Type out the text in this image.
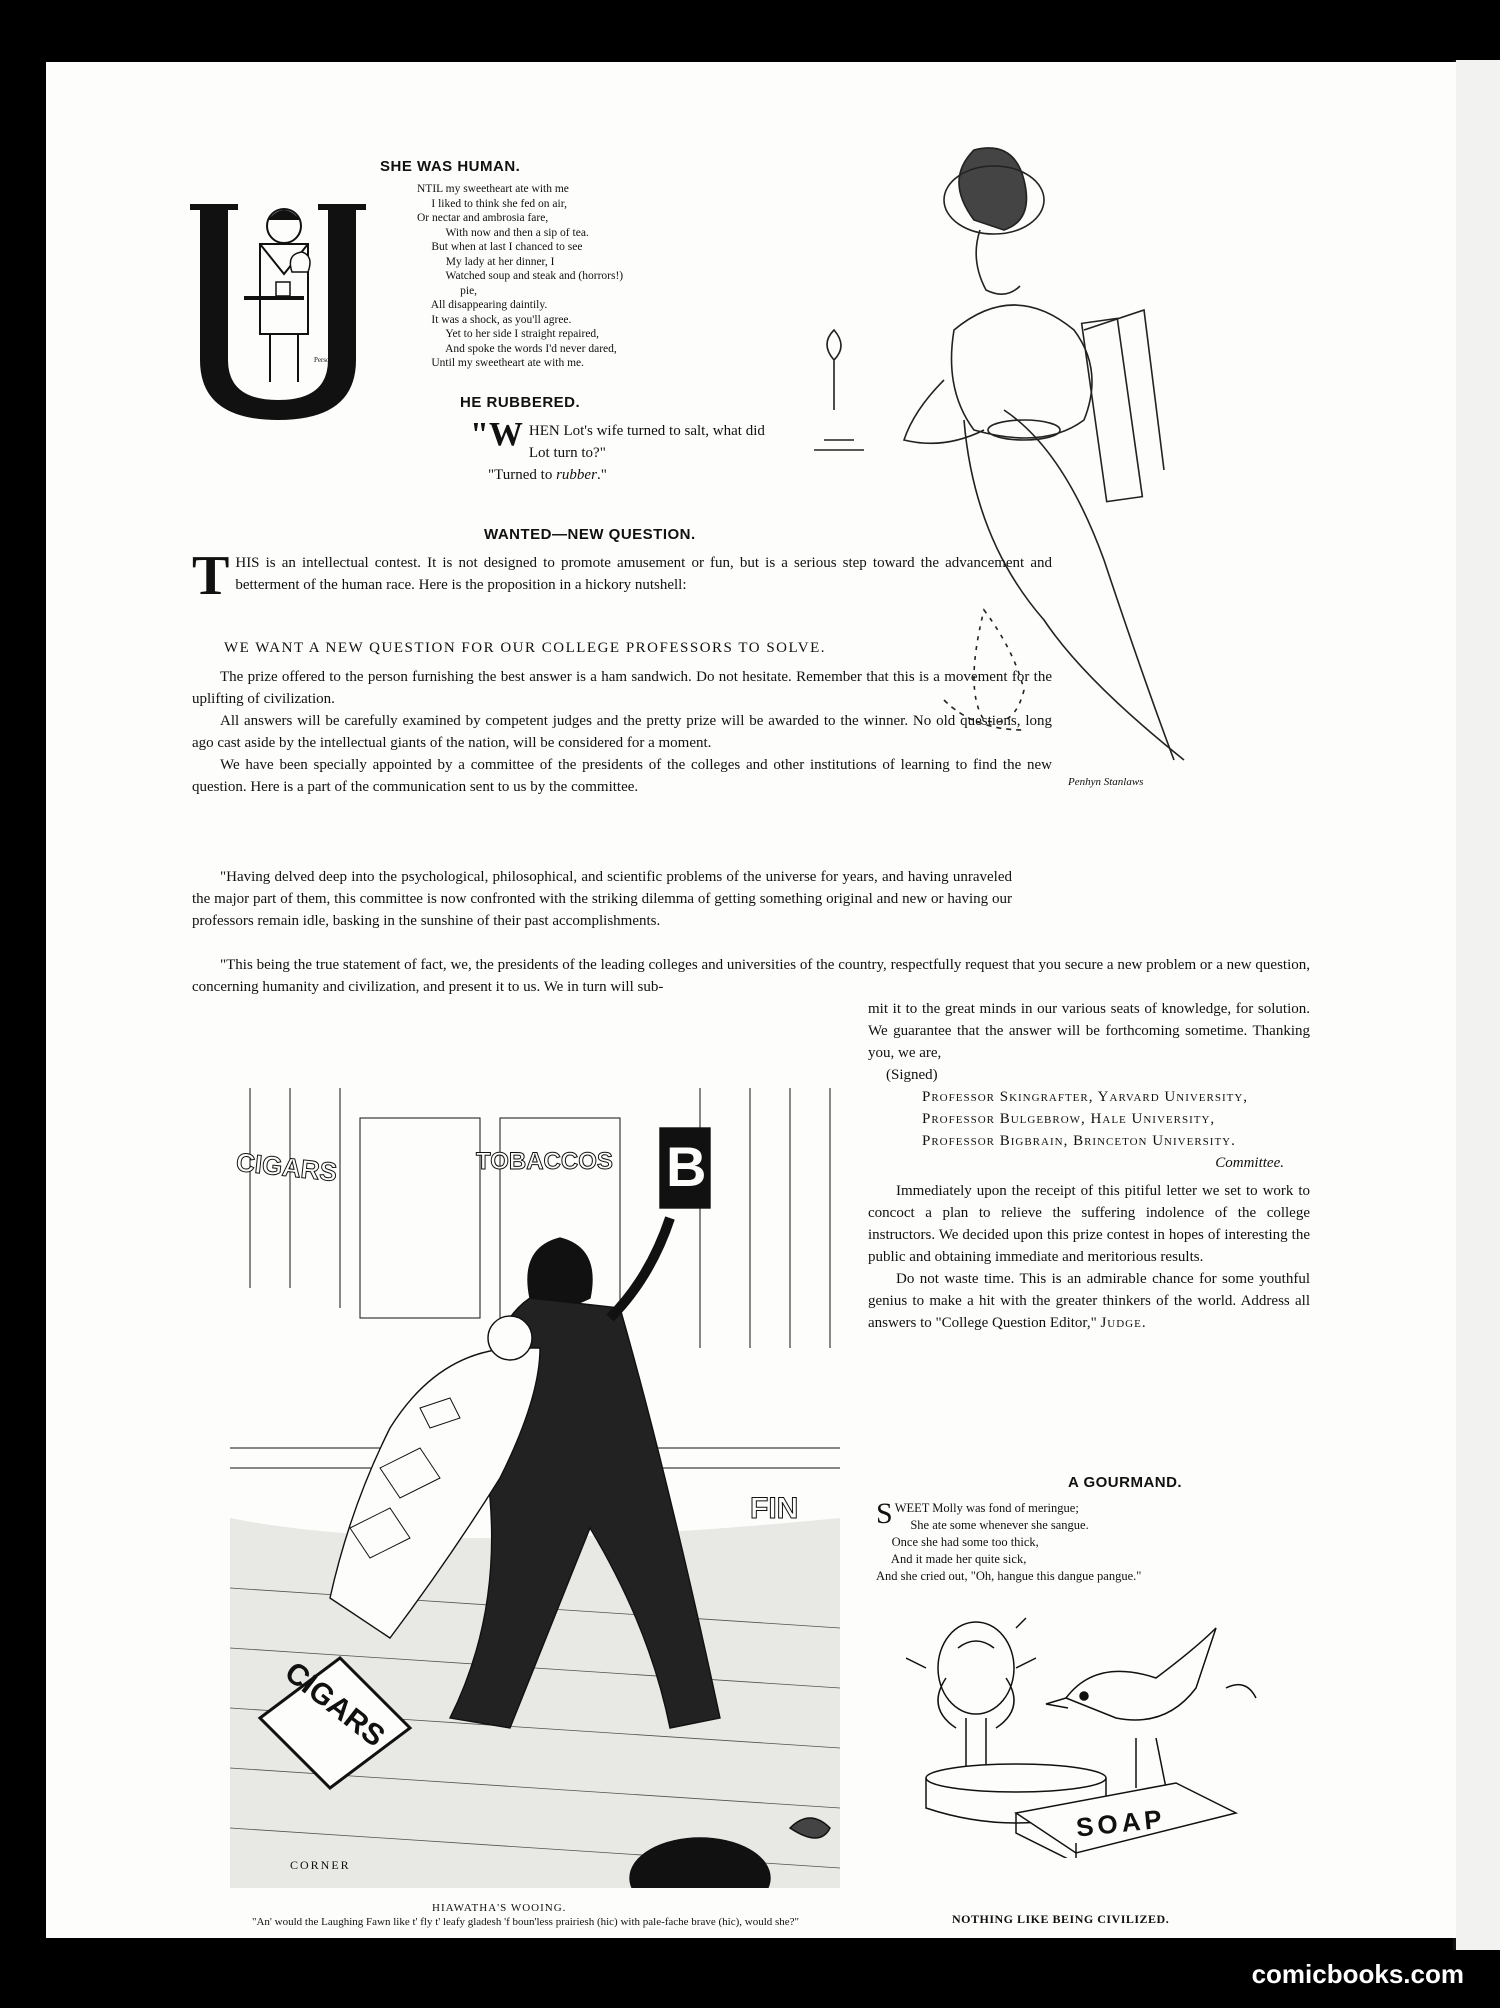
SHE WAS HUMAN.
Persoon
NTIL my sweetheart ate with me
I liked to think she fed on air,
Or nectar and ambrosia fare,
With now and then a sip of tea.
But when at last I chanced to see
My lady at her dinner, I
Watched soup and steak and (horrors!)
pie,
All disappearing daintily.
It was a shock, as you'll agree.
Yet to her side I straight repaired,
And spoke the words I'd never dared,
Until my sweetheart ate with me.
HE RUBBERED.
"W HEN Lot's wife turned to salt, what did Lot turn to?"
"Turned to rubber."
Penhyn Stanlaws
WANTED—NEW QUESTION.
THIS is an intellectual contest. It is not designed to promote amusement or fun, but is a serious step toward the advancement and betterment of the human race. Here is the proposition in a hickory nutshell:
WE WANT A NEW QUESTION FOR OUR COLLEGE PROFESSORS TO SOLVE.

The prize offered to the person furnishing the best answer is a ham sandwich. Do not hesitate. Remember that this is a movement for the uplifting of civilization.

All answers will be carefully examined by competent judges and the pretty prize will be awarded to the winner. No old questions, long ago cast aside by the intellectual giants of the nation, will be considered for a moment.

We have been specially appointed by a committee of the presidents of the colleges and other institutions of learning to find the new question. Here is a part of the communication sent to us by the committee.

"Having delved deep into the psychological, philosophical, and scientific problems of the universe for years, and having unraveled the major part of them, this committee is now confronted with the striking dilemma of getting something original and new or having our professors remain idle, basking in the sunshine of their past accomplishments.

"This being the true statement of fact, we, the presidents of the leading colleges and universities of the country, respectfully request that you secure a new problem or a new question, concerning humanity and civilization, and present it to us. We in turn will sub-

mit it to the great minds in our various seats of knowledge, for solution. We guarantee that the answer will be forthcoming sometime. Thanking you, we are,

(Signed)
Professor Skingrafter, Yarvard University,
Professor Bulgebrow, Hale University,
Professor Bigbrain, Brinceton University.
Committee.

Immediately upon the receipt of this pitiful letter we set to work to concoct a plan to relieve the suffering indolence of the college instructors. We decided upon this prize contest in hopes of interesting the public and obtaining immediate and meritorious results.

Do not waste time. This is an admirable chance for some youthful genius to make a hit with the greater thinkers of the world. Address all answers to "College Question Editor," Judge.

A GOURMAND.
SWEET Molly was fond of meringue;
She ate some whenever she sangue.
Once she had some too thick,
And it made her quite sick,
And she cried out, "Oh, hangue this dangue pangue."
CIGARS	TOBACCOS B
FIN
CIGARS
CORNER
HIAWATHA'S WOOING.
"An' would the Laughing Fawn like t' fly t' leafy gladesh 'f boun'less prairiesh (hic) with pale-fache brave (hic), would she?"
SOAP
NOTHING LIKE BEING CIVILIZED.
comicbooks.com
